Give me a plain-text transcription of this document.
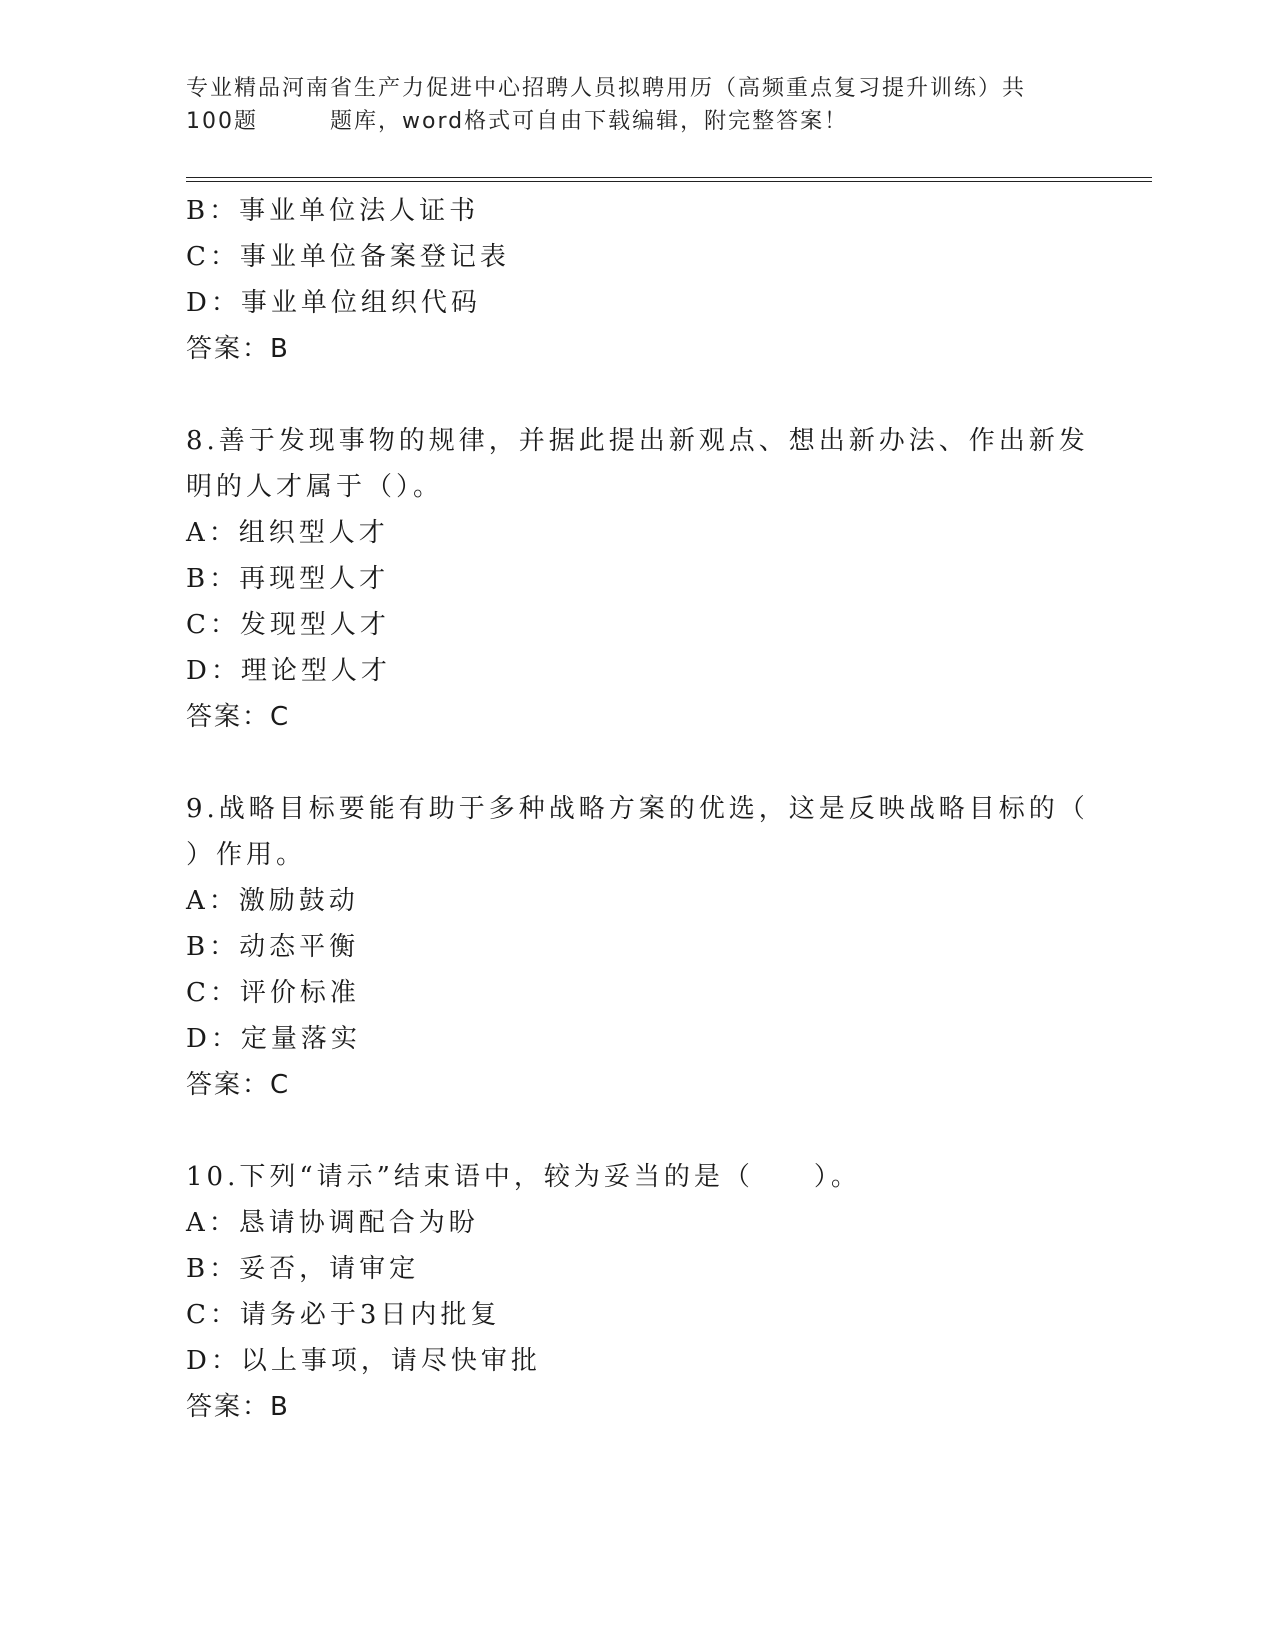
专业精品河南省生产力促进中心招聘人员拟聘用历（高频重点复习提升训练）共
100题	题库，word格式可自由下载编辑，附完整答案！
B：事业单位法人证书
C：事业单位备案登记表
D：事业单位组织代码
答案：B
8.善于发现事物的规律，并据此提出新观点、想出新办法、作出新发
明的人才属于（）。
A：组织型人才
B：再现型人才
C：发现型人才
D：理论型人才
答案：C
9.战略目标要能有助于多种战略方案的优选，这是反映战略目标的（
）作用。
A：激励鼓动
B：动态平衡
C：评价标准
D：定量落实
答案：C
10.下列“请示”结束语中，较为妥当的是（　　）。
A：恳请协调配合为盼
B：妥否，请审定
C：请务必于3日内批复
D：以上事项，请尽快审批
答案：B
